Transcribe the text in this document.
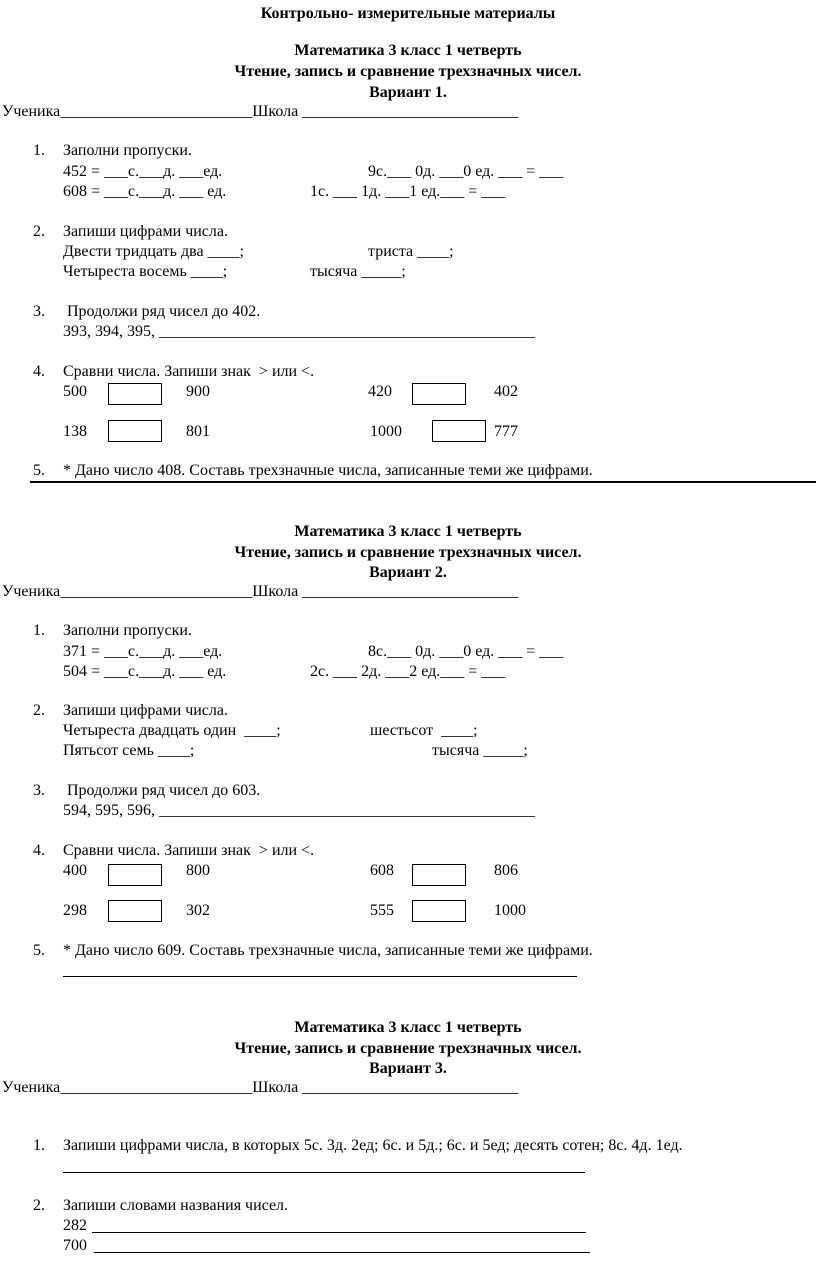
Контрольно- измерительные материалы
Математика 3 класс 1 четверть
Чтение, запись и сравнение трехзначных чисел.
Вариант 1.
Ученика________________________Школа ___________________________
1. Заполни пропуски.
452 = ___с.___д. ___ед.	9с.___ 0д. ___0 ед. ___ = ___
608 = ___с.___д. ___ ед.	1с. ___ 1д. ___1 ед.___ = ___
2. Запиши цифрами числа.
Двести тридцать два ____;	триста ____;
Четыреста восемь ____;	тысяча _____;
3. Продолжи ряд чисел до 402.
393, 394, 395, _______________________________________________
4. Сравни числа. Запиши знак  > или <.
500	900	420	402
138	801	1000	777
5. * Дано число 408. Составь трехзначные числа, записанные теми же цифрами.
Математика 3 класс 1 четверть
Чтение, запись и сравнение трехзначных чисел.
Вариант 2.
Ученика________________________Школа ___________________________
1. Заполни пропуски.
371 = ___с.___д. ___ед.	8с.___ 0д. ___0 ед. ___ = ___
504 = ___с.___д. ___ ед.	2с. ___ 2д. ___2 ед.___ = ___
2. Запиши цифрами числа.
Четыреста двадцать один  ____;	шестьсот  ____;
Пятьсот семь ____;	тысяча _____;
3. Продолжи ряд чисел до 603.
594, 595, 596, _______________________________________________
4. Сравни числа. Запиши знак  > или <.
400	800	608	806
298	302	555	1000
5. * Дано число 609. Составь трехзначные числа, записанные теми же цифрами.
Математика 3 класс 1 четверть
Чтение, запись и сравнение трехзначных чисел.
Вариант 3.
Ученика________________________Школа ___________________________
1. Запиши цифрами числа, в которых 5с. 3д. 2ед; 6с. и 5д.; 6с. и 5ед; десять сотен; 8с. 4д. 1ед.
2. Запиши словами названия чисел.
282
700
